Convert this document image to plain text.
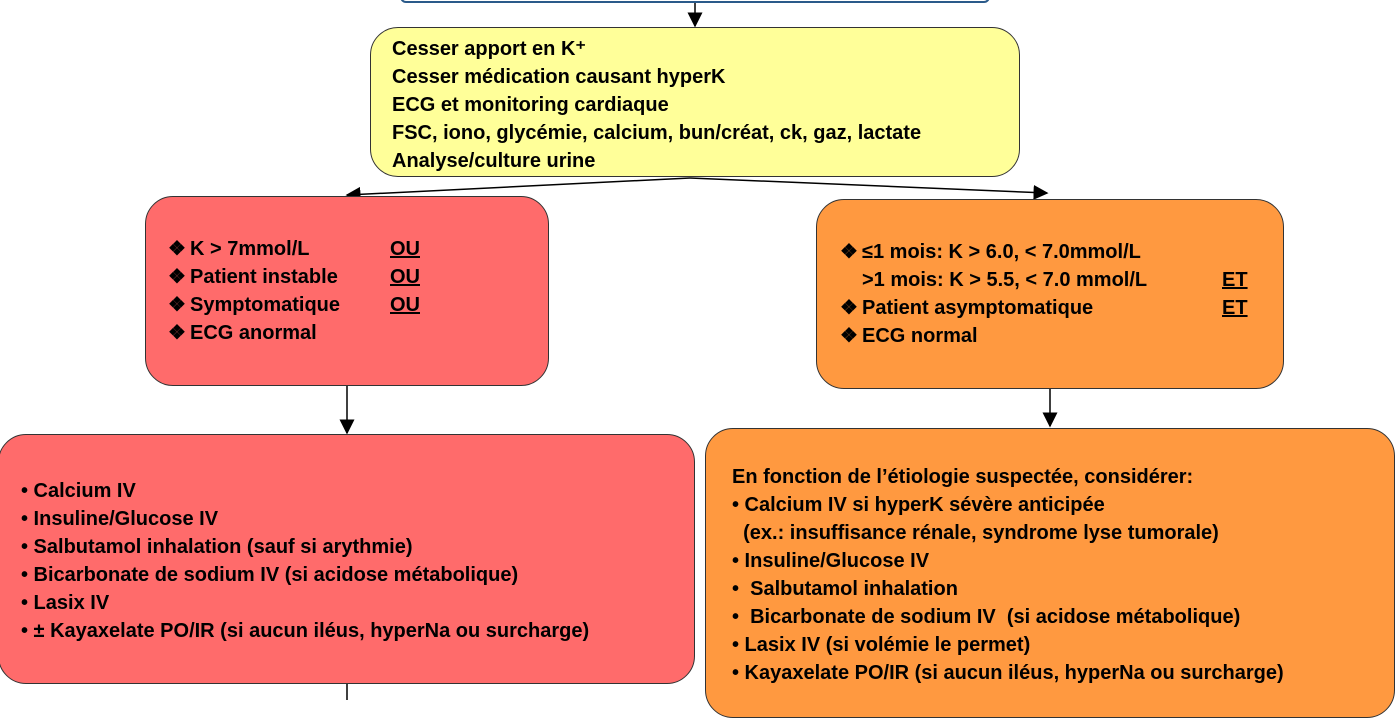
Cesser apport en K⁺
Cesser médication causant hyperK
ECG et monitoring cardiaque
FSC, iono, glycémie, calcium, bun/créat, ck, gaz, lactate
Analyse/culture urine
❖ K > 7mmol/L	OU
❖ Patient instable	OU
❖ Symptomatique	OU
❖ ECG anormal
❖ ≤1 mois: K > 6.0, < 7.0mmol/L

>1 mois: K > 5.5, < 7.0 mmol/L	ET
❖ Patient asymptomatique	ET
❖ ECG normal
• Calcium IV
• Insuline/Glucose IV
• Salbutamol inhalation (sauf si arythmie)
• Bicarbonate de sodium IV (si acidose métabolique)
• Lasix IV
• ± Kayaxelate PO/IR (si aucun iléus, hyperNa ou surcharge)
En fonction de l’étiologie suspectée, considérer:
• Calcium IV si hyperK sévère anticipée
(ex.: insuffisance rénale, syndrome lyse tumorale)
• Insuline/Glucose IV
•  Salbutamol inhalation
•  Bicarbonate de sodium IV  (si acidose métabolique)
• Lasix IV (si volémie le permet)
• Kayaxelate PO/IR (si aucun iléus, hyperNa ou surcharge)
